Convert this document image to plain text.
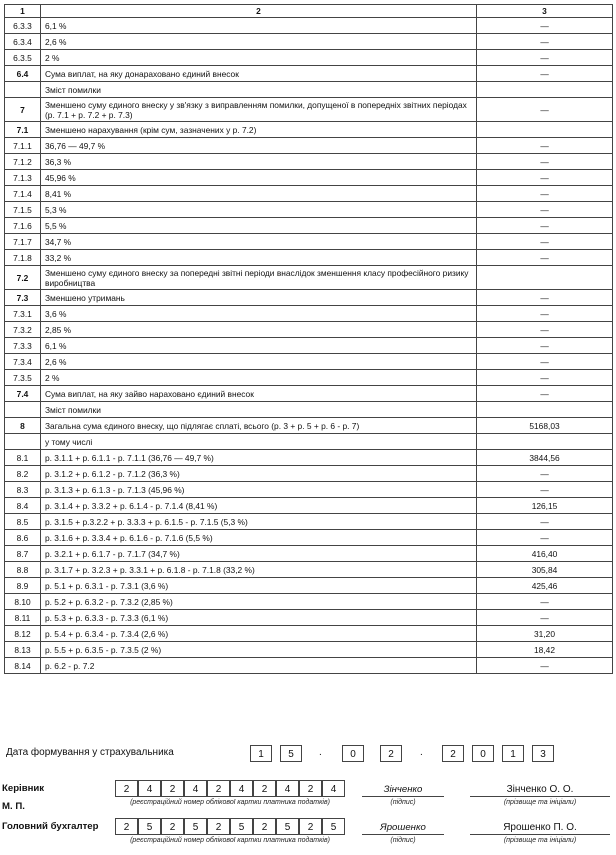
1	2	3
6.3.3	6,1 %	—
6.3.4	2,6 %	—
6.3.5	2 %	—
6.4	Сума виплат, на яку донараховано єдиний внесок	—
	Зміст помилки	
7	Зменшено суму єдиного внеску у зв'язку з виправленням помилки, допущеної в попередніх звітних періодах (р. 7.1 + р. 7.2 + р. 7.3)	—
7.1	Зменшено нарахування (крім сум, зазначених у р. 7.2)	
7.1.1	36,76 — 49,7 %	—
7.1.2	36,3 %	—
7.1.3	45,96 %	—
7.1.4	8,41 %	—
7.1.5	5,3 %	—
7.1.6	5,5 %	—
7.1.7	34,7 %	—
7.1.8	33,2 %	—
7.2	Зменшено суму єдиного внеску за попередні звітні періоди внаслідок зменшення класу професійного ризику виробництва	
7.3	Зменшено утримань	—
7.3.1	3,6 %	—
7.3.2	2,85 %	—
7.3.3	6,1 %	—
7.3.4	2,6 %	—
7.3.5	2 %	—
7.4	Сума виплат, на яку зайво нараховано єдиний внесок	—
	Зміст помилки	
8	Загальна сума єдиного внеску, що підлягає сплаті, всього (р. 3 + р. 5 + р. 6 - р. 7)	5168,03
	у тому числі	
8.1	р. 3.1.1 + р. 6.1.1 - р. 7.1.1 (36,76 — 49,7 %)	3844,56
8.2	р. 3.1.2 + р. 6.1.2 - р. 7.1.2 (36,3 %)	—
8.3	р. 3.1.3 + р. 6.1.3 - р. 7.1.3 (45,96 %)	—
8.4	р. 3.1.4 + р. 3.3.2 + р. 6.1.4 - р. 7.1.4 (8,41 %)	126,15
8.5	р. 3.1.5 + р.3.2.2 + р. 3.3.3 + р. 6.1.5 - р. 7.1.5 (5,3 %)	—
8.6	р. 3.1.6 + р. 3.3.4 + р. 6.1.6 - р. 7.1.6 (5,5 %)	—
8.7	р. 3.2.1 + р. 6.1.7 - р. 7.1.7 (34,7 %)	416,40
8.8	р. 3.1.7 + р. 3.2.3 + р. 3.3.1 + р. 6.1.8 - р. 7.1.8 (33,2 %)	305,84
8.9	р. 5.1 + р. 6.3.1 - р. 7.3.1 (3,6 %)	425,46
8.10	р. 5.2 + р. 6.3.2 - р. 7.3.2 (2,85 %)	—
8.11	р. 5.3 + р. 6.3.3 - р. 7.3.3 (6,1 %)	—
8.12	р. 5.4 + р. 6.3.4 - р. 7.3.4 (2,6 %)	31,20
8.13	р. 5.5 + р. 6.3.5 - р. 7.3.5 (2 %)	18,42
8.14	р. 6.2 - р. 7.2	—
Дата формування у страхувальника	1	5	.	0	2	.	2	0	1	3
Керівник
М. П.
2	4	2	4	2	4	2	4	2	4
(реєстраційний номер облікової картки платника податків)
Зінченко
(підпис)
Зінченко О. О.
(прізвище та ініціали)
Головний бухгалтер	2	5	2	5	2	5	2	5	2	5
(реєстраційний номер облікової картки платника податків)
Ярошенко
(підпис)
Ярошенко П. О.
(прізвище та ініціали)
